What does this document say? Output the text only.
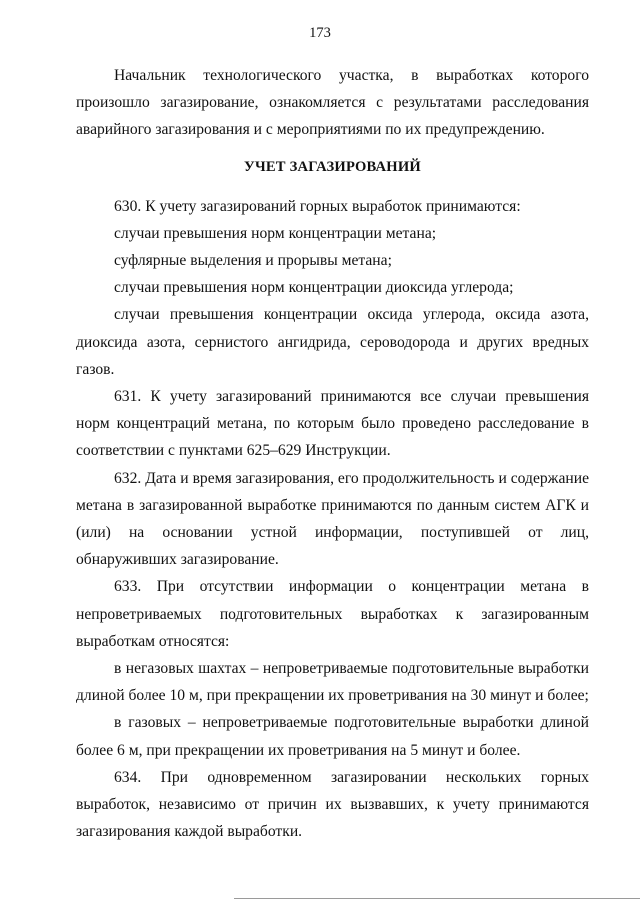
173

Начальник технологического участка, в выработках которого произошло загазирование, ознакомляется с результатами расследования аварийного загазирования и с мероприятиями по их предупреждению.

УЧЕТ ЗАГАЗИРОВАНИЙ

630. К учету загазирований горных выработок принимаются:

случаи превышения норм концентрации метана;

суфлярные выделения и прорывы метана;

случаи превышения норм концентрации диоксида углерода;

случаи превышения концентрации оксида углерода, оксида азота, диоксида азота, сернистого ангидрида, сероводорода и других вредных газов.

631. К учету загазирований принимаются все случаи превышения норм концентраций метана, по которым было проведено расследование в соответствии с пунктами 625–629 Инструкции.

632. Дата и время загазирования, его продолжительность и содержание метана в загазированной выработке принимаются по данным систем АГК и (или) на основании устной информации, поступившей от лиц, обнаруживших загазирование.

633. При отсутствии информации о концентрации метана в непроветриваемых подготовительных выработках к загазированным выработкам относятся:

в негазовых шахтах – непроветриваемые подготовительные выработки длиной более 10 м, при прекращении их проветривания на 30 минут и более;

в газовых – непроветриваемые подготовительные выработки длиной более 6 м, при прекращении их проветривания на 5 минут и более.

634. При одновременном загазировании нескольких горных выработок, независимо от причин их вызвавших, к учету принимаются загазирования каждой выработки.
